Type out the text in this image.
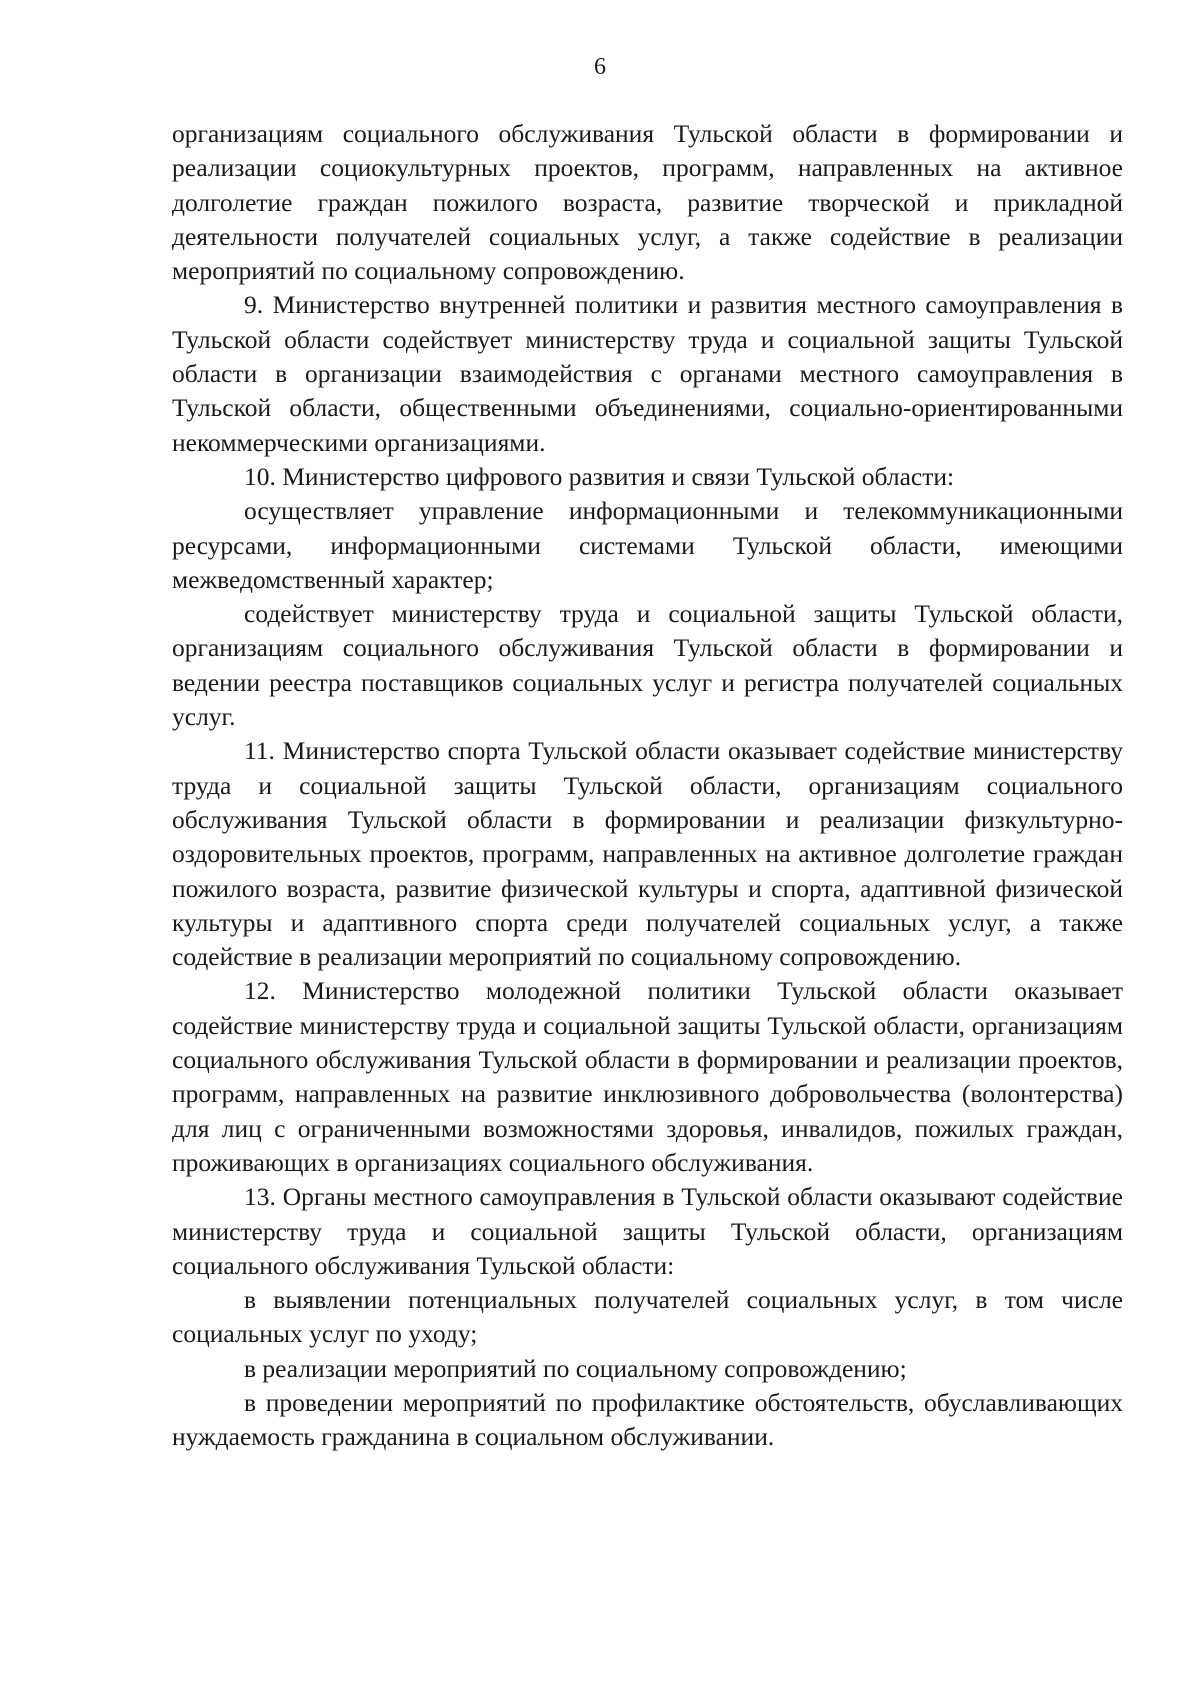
6

организациям социального обслуживания Тульской области в формировании и реализации социокультурных проектов, программ, направленных на активное долголетие граждан пожилого возраста, развитие творческой и прикладной деятельности получателей социальных услуг, а также содействие в реализации мероприятий по социальному сопровождению.

9. Министерство внутренней политики и развития местного самоуправления в Тульской области содействует министерству труда и социальной защиты Тульской области в организации взаимодействия с органами местного самоуправления в Тульской области, общественными объединениями, социально-ориентированными некоммерческими организациями.

10. Министерство цифрового развития и связи Тульской области:

осуществляет управление информационными и телекоммуникационными ресурсами, информационными системами Тульской области, имеющими межведомственный характер;

содействует министерству труда и социальной защиты Тульской области, организациям социального обслуживания Тульской области в формировании и ведении реестра поставщиков социальных услуг и регистра получателей социальных услуг.

11. Министерство спорта Тульской области оказывает содействие министерству труда и социальной защиты Тульской области, организациям социального обслуживания Тульской области в формировании и реализации физкультурно-оздоровительных проектов, программ, направленных на активное долголетие граждан пожилого возраста, развитие физической культуры и спорта, адаптивной физической культуры и адаптивного спорта среди получателей социальных услуг, а также содействие в реализации мероприятий по социальному сопровождению.

12. Министерство молодежной политики Тульской области оказывает содействие министерству труда и социальной защиты Тульской области, организациям социального обслуживания Тульской области в формировании и реализации проектов, программ, направленных на развитие инклюзивного добровольчества (волонтерства) для лиц с ограниченными возможностями здоровья, инвалидов, пожилых граждан, проживающих в организациях социального обслуживания.

13. Органы местного самоуправления в Тульской области оказывают содействие министерству труда и социальной защиты Тульской области, организациям социального обслуживания Тульской области:

в выявлении потенциальных получателей социальных услуг, в том числе социальных услуг по уходу;

в реализации мероприятий по социальному сопровождению;

в проведении мероприятий по профилактике обстоятельств, обуславливающих нуждаемость гражданина в социальном обслуживании.
